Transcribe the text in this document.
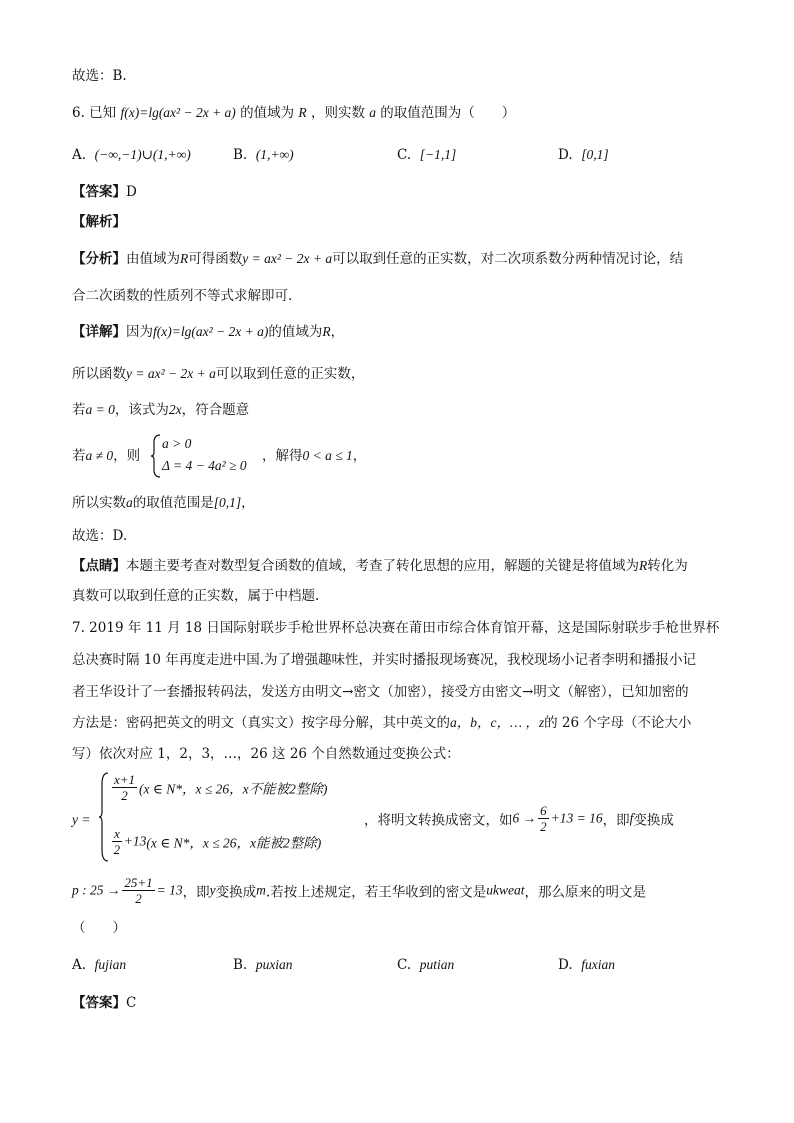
故选：B.
6. 已知 f(x)=lg(ax² − 2x + a) 的值域为 R ，则实数 a 的取值范围为（　　）
A. (−∞,−1)∪(1,+∞)	B. (1,+∞)	C. [−1,1]	D. [0,1]
【答案】D
【解析】
【分析】由值域为R可得函数y = ax² − 2x + a可以取到任意的正实数，对二次项系数分两种情况讨论，结
合二次函数的性质列不等式求解即可.
【详解】因为f(x)=lg(ax² − 2x + a)的值域为R，
所以函数y = ax² − 2x + a可以取到任意的正实数，
若a = 0，该式为2x，符合题意
若a ≠ 0，则
a > 0
Δ = 4 − 4a² ≥ 0
，解得0 < a ≤ 1，
所以实数a的取值范围是[0,1]，
故选：D.
【点睛】本题主要考查对数型复合函数的值域，考查了转化思想的应用，解题的关键是将值域为R转化为
真数可以取到任意的正实数，属于中档题.
7. 2019 年 11 月 18 日国际射联步手枪世界杯总决赛在莆田市综合体育馆开幕，这是国际射联步手枪世界杯
总决赛时隔 10 年再度走进中国.为了增强趣味性，并实时播报现场赛况，我校现场小记者李明和播报小记
者王华设计了一套播报转码法，发送方由明文→密文（加密），接受方由密文→明文（解密），已知加密的
方法是：密码把英文的明文（真实文）按字母分解，其中英文的a，b，c，… ，z的 26 个字母（不论大小
写）依次对应 1，2，3，…，26 这 26 个自然数通过变换公式：
y =
$\frac{x+1}{2} (x$ ∈ N*，x ≤ 26，x不能被2整除)
$\frac{x}{2} +13(x$ ∈ N*，x ≤ 26，x能被2整除)
，将明文转换成密文，如$6 \to \frac{6}{2} +13 = 16$，即f变换成
p : $25 \to \frac{25+1}{2} = 13$，即y变换成m.若按上述规定，若王华收到的密文是ukweat，那么原来的明文是
（　　）
A. fujian	B. puxian	C. putian	D. fuxian
【答案】C
